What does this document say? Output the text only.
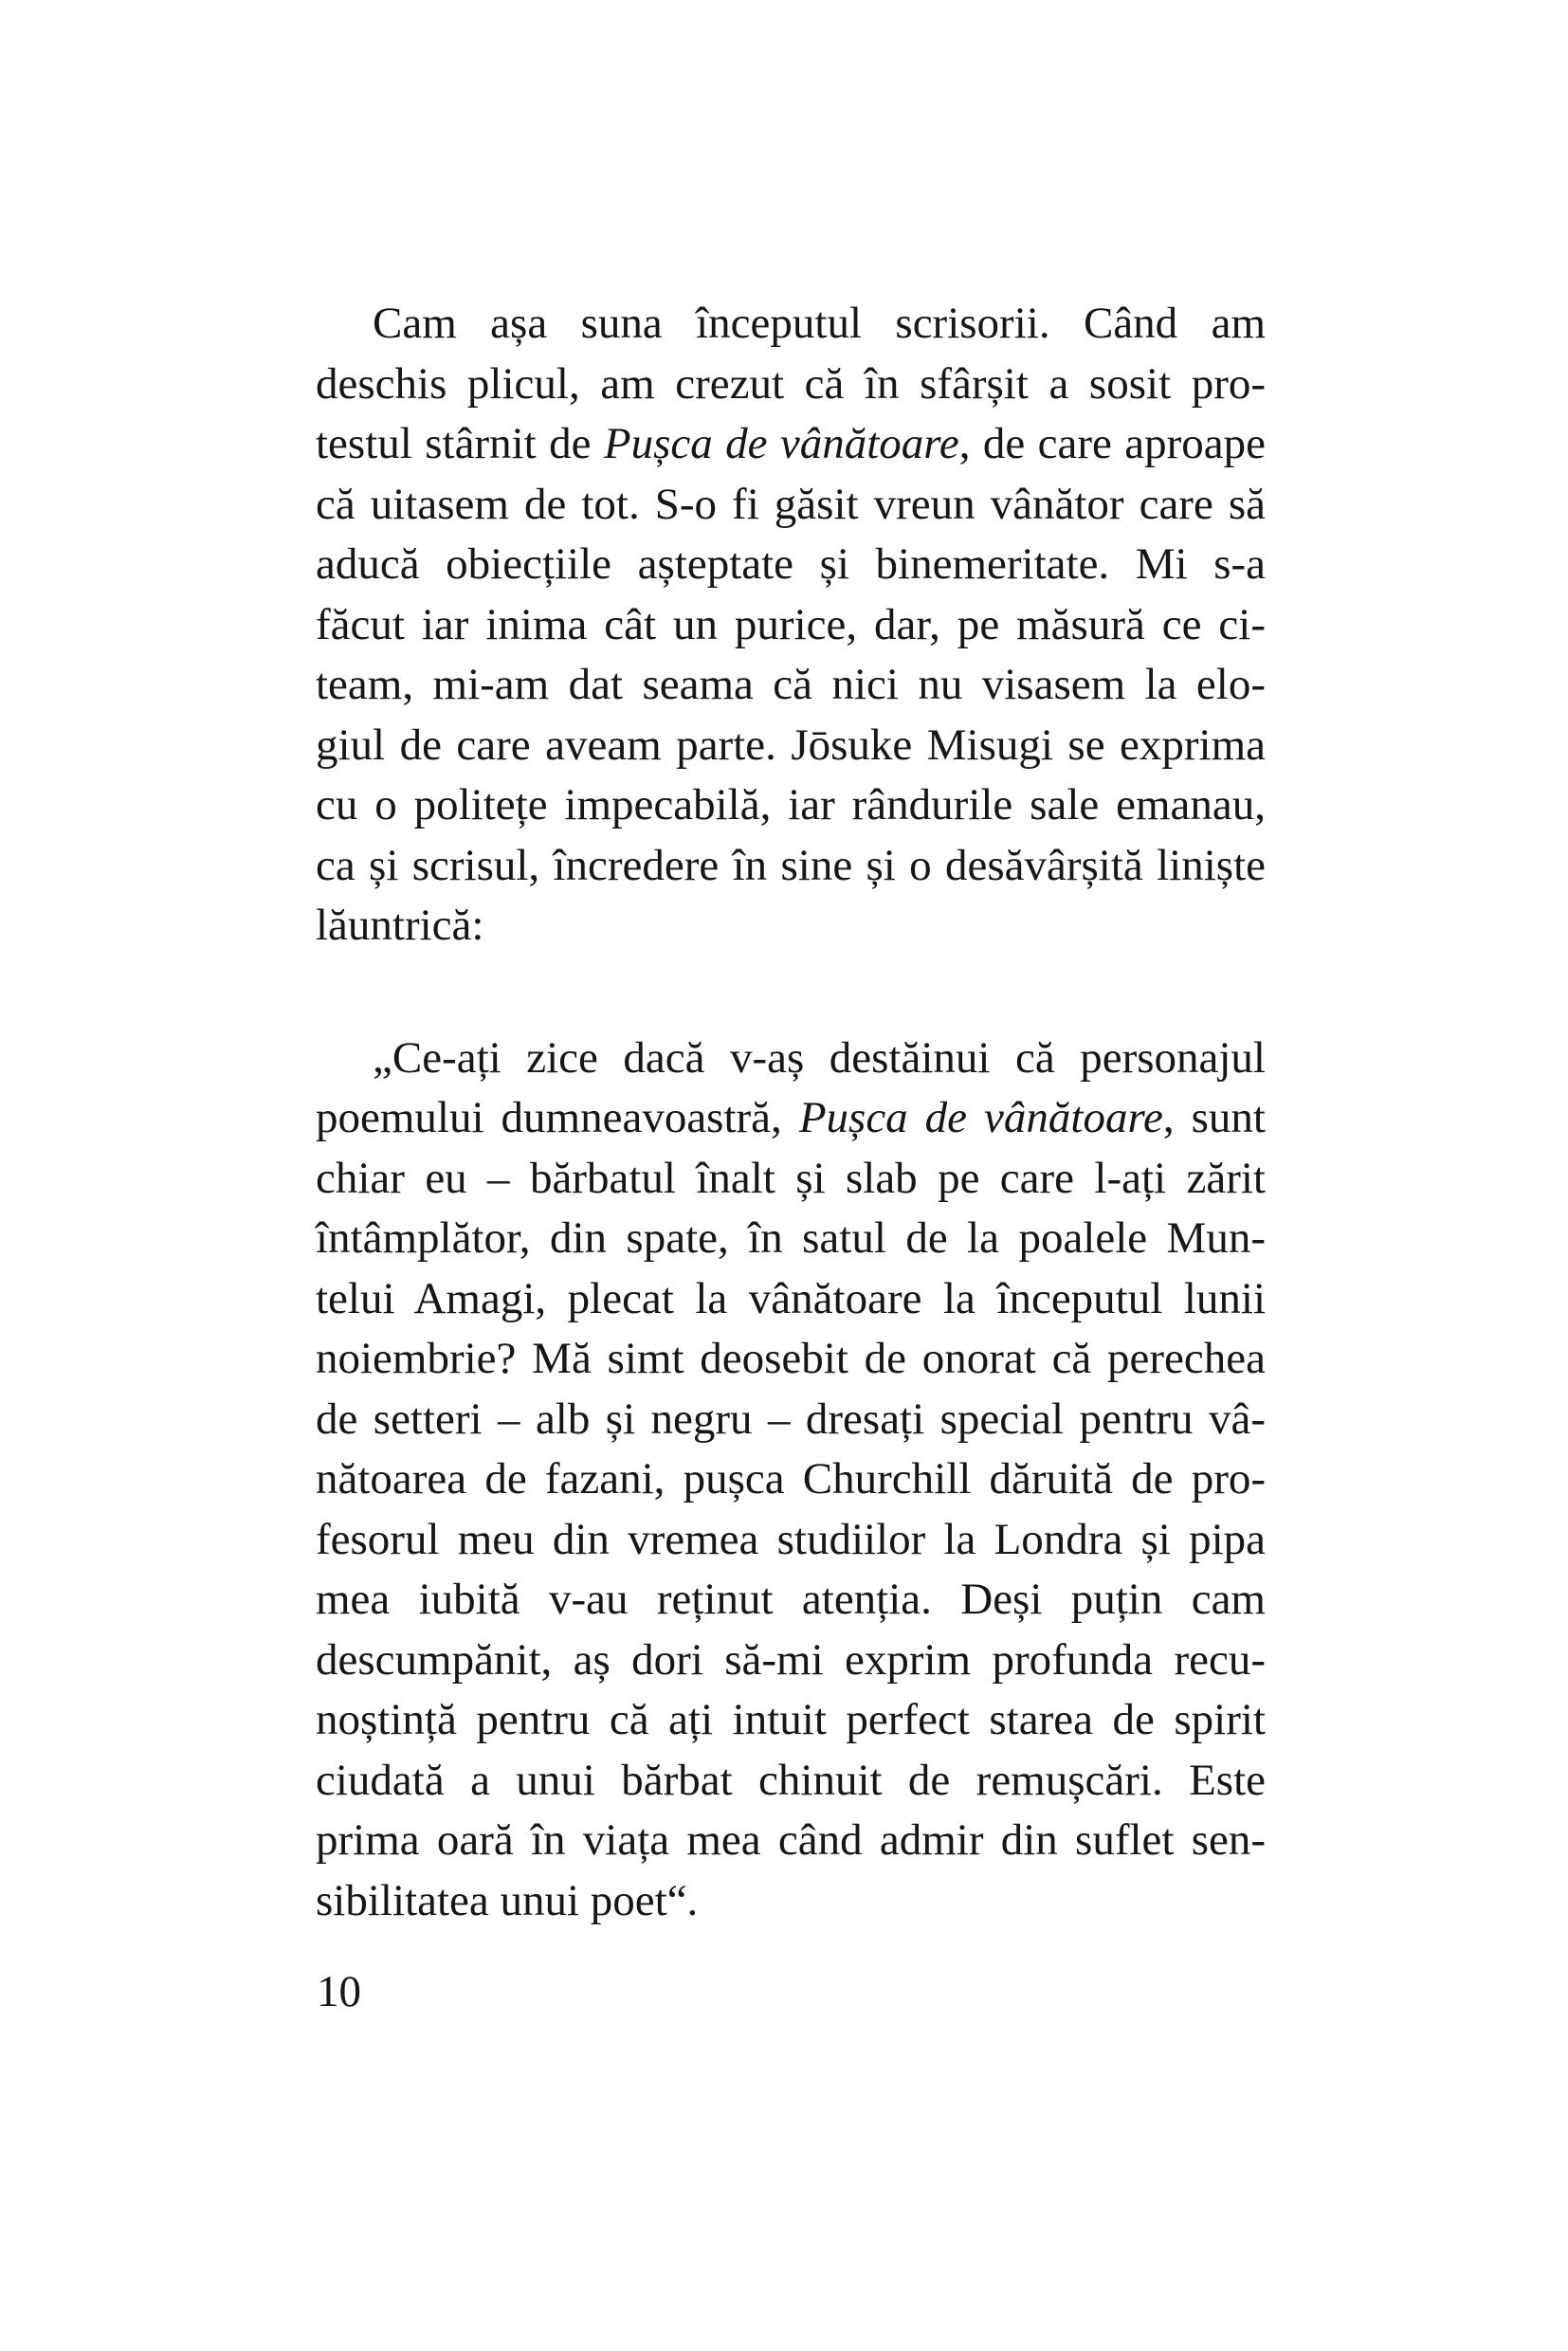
Cam așa suna începutul scrisorii. Când am
deschis plicul, am crezut că în sfârșit a sosit pro-
testul stârnit de Pușca de vânătoare, de care aproape
că uitasem de tot. S-o fi găsit vreun vânător care să
aducă obiecțiile așteptate și binemeritate. Mi s-a
făcut iar inima cât un purice, dar, pe măsură ce ci-
team, mi-am dat seama că nici nu visasem la elo-
giul de care aveam parte. Jōsuke Misugi se exprima
cu o politețe impecabilă, iar rândurile sale emanau,
ca și scrisul, încredere în sine și o desăvârșită liniște
lăuntrică:
„Ce-ați zice dacă v-aș destăinui că personajul
poemului dumneavoastră, Pușca de vânătoare, sunt
chiar eu – bărbatul înalt și slab pe care l-ați zărit
întâmplător, din spate, în satul de la poalele Mun-
telui Amagi, plecat la vânătoare la începutul lunii
noiembrie? Mă simt deosebit de onorat că perechea
de setteri – alb și negru – dresați special pentru vâ-
nătoarea de fazani, pușca Churchill dăruită de pro-
fesorul meu din vremea studiilor la Londra și pipa
mea iubită v-au reținut atenția. Deși puțin cam
descumpănit, aș dori să-mi exprim profunda recu-
noștință pentru că ați intuit perfect starea de spirit
ciudată a unui bărbat chinuit de remușcări. Este
prima oară în viața mea când admir din suflet sen-
sibilitatea unui poet“.
10
